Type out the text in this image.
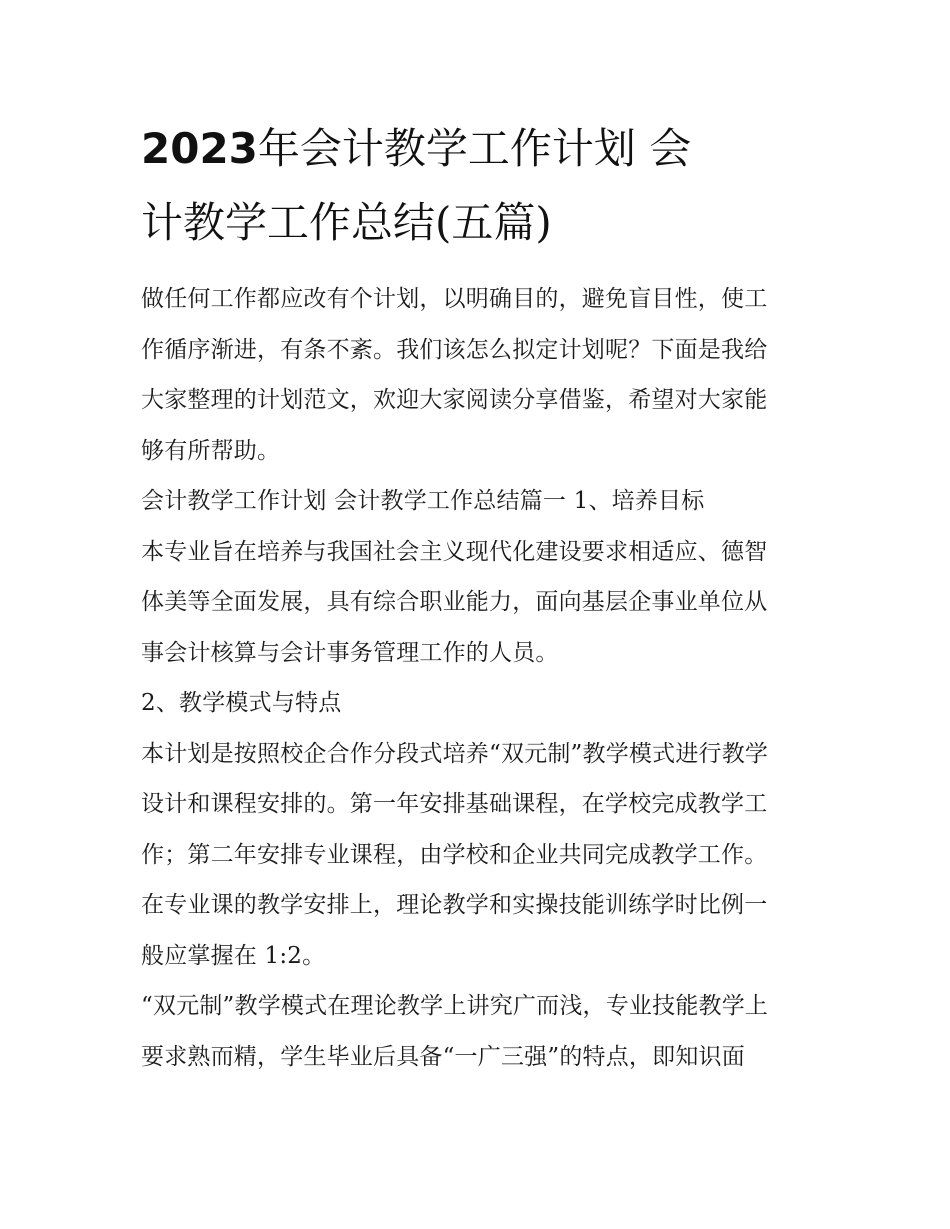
2023年会计教学工作计划 会
计教学工作总结(五篇)
做任何工作都应改有个计划，以明确目的，避免盲目性，使工
作循序渐进，有条不紊。我们该怎么拟定计划呢？下面是我给
大家整理的计划范文，欢迎大家阅读分享借鉴，希望对大家能
够有所帮助。
会计教学工作计划 会计教学工作总结篇一 1、培养目标
本专业旨在培养与我国社会主义现代化建设要求相适应、德智
体美等全面发展，具有综合职业能力，面向基层企事业单位从
事会计核算与会计事务管理工作的人员。
2、教学模式与特点
本计划是按照校企合作分段式培养“双元制”教学模式进行教学
设计和课程安排的。第一年安排基础课程，在学校完成教学工
作；第二年安排专业课程，由学校和企业共同完成教学工作。
在专业课的教学安排上，理论教学和实操技能训练学时比例一
般应掌握在 1:2。
“双元制”教学模式在理论教学上讲究广而浅，专业技能教学上
要求熟而精，学生毕业后具备“一广三强”的特点，即知识面
